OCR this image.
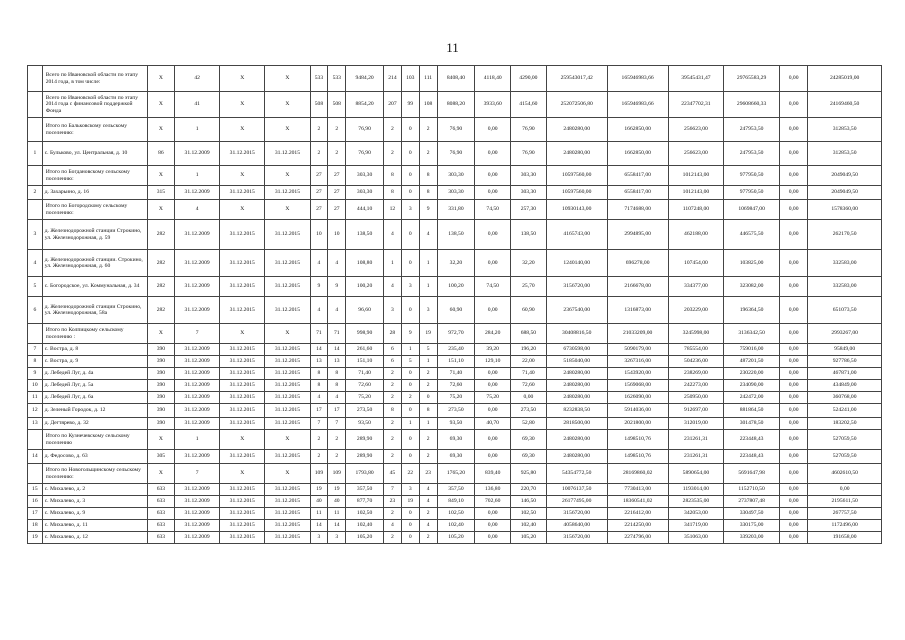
11
	Всего по Ивановской области по этапу 2014 года, в том числе:	X	42	X	X	533	533	9484,20	214	103	111	8408,40	4118,40	4290,00	259543017,42	165946983,66	39545431,47	29765583,29	0,00	24285019,00
	Всего по Ивановской области по этапу 2014 года с финансовой поддержкой Фонда	X	41	X	X	508	508	8854,20	207	99	108	8088,20	3933,60	4154,60	252072506,80	165946983,66	22347702,31	29608660,33	0,00	24169460,50
	Итого по Бальковскому сельскому поселению:	X	1	X	X	2	2	76,90	2	0	2	76,90	0,00	76,90	2480280,00	1662850,00	256623,00	247953,50	0,00	312853,50
1	с. Бульково, ул. Центральная, д. 10	86	31.12.2009	31.12.2015	31.12.2015	2	2	76,90	2	0	2	76,90	0,00	76,90	2480280,00	1662850,00	256623,00	247953,50	0,00	312853,50
	Итого по Богдановскому сельскому поселению:	X	1	X	X	27	27	303,30	8	0	8	303,30	0,00	303,30	10597560,00	6558417,00	1012143,00	977950,50	0,00	2049049,50
2	д. Захарьино, д. 16	315	31.12.2009	31.12.2015	31.12.2015	27	27	303,30	8	0	8	303,30	0,00	303,30	10597560,00	6558417,00	1012143,00	977950,50	0,00	2049049,50
	Итого по Богородскому сельскому поселению:	X	4	X	X	27	27	444,10	12	3	9	331,80	74,50	257,30	10930143,00	7174688,00	1107248,00	1069847,00	0,00	1578360,00
3	д. Железнодорожной станции Строкино, ул. Железнодорожная, д. 59	282	31.12.2009	31.12.2015	31.12.2015	10	10	138,50	4	0	4	138,50	0,00	138,50	4165743,00	2994895,00	462188,00	446575,50	0,00	262170,50
4	д. Железнодорожной станции. Строкино, ул. Железнодорожная, д. 60	282	31.12.2009	31.12.2015	31.12.2015	4	4	108,80	1	0	1	32,20	0,00	32,20	1240140,00	696278,00	107454,00	103825,00	0,00	332583,00
5	с. Богородское, ул. Коммунальная, д. 34	282	31.12.2009	31.12.2015	31.12.2015	9	9	100,20	4	3	1	100,20	74,50	25,70	3156720,00	2166678,00	334377,00	323082,00	0,00	332583,00
6	д. Железнодорожной станции Строкино, ул. Железнодорожная, 58а	282	31.12.2009	31.12.2015	31.12.2015	4	4	96,60	3	0	3	60,90	0,00	60,90	2367540,00	1316873,00	203229,00	196364,50	0,00	651073,50
	Итого по Колпицкому сельскому поселению :	X	7	X	X	71	71	998,90	28	9	19	972,70	284,20	688,50	30408816,50	21033209,00	3245998,00	3136342,50	0,00	2993267,00
7	с. Востра, д. 8	390	31.12.2009	31.12.2015	31.12.2015	14	14	261,60	6	1	5	235,40	39,20	196,20	6730598,00	5090179,00	785554,00	759016,00	0,00	95849,00
8	с. Востра, д. 9	390	31.12.2009	31.12.2015	31.12.2015	13	13	151,10	6	5	1	151,10	129,10	22,00	5185040,00	3267316,00	504236,00	487201,50	0,00	927786,50
9	д. Лебедей Луг, д. 4а	390	31.12.2009	31.12.2015	31.12.2015	8	8	71,40	2	0	2	71,40	0,00	71,40	2480280,00	1543920,00	238269,00	230220,00	0,00	467871,00
10	д. Лебедей Луг, д. 5а	390	31.12.2009	31.12.2015	31.12.2015	8	8	72,60	2	0	2	72,60	0,00	72,60	2480280,00	1569068,00	242273,00	234090,00	0,00	434849,00
11	д. Лебедей Луг, д. 6а	390	31.12.2009	31.12.2015	31.12.2015	4	4	75,20	2	2	0	75,20	75,20	0,00	2480280,00	1626090,00	250950,00	242472,00	0,00	360768,00
12	д. Зеленый Городок, д. 12	390	31.12.2009	31.12.2015	31.12.2015	17	17	273,50	8	0	8	273,50	0,00	273,50	8232838,50	5914036,00	912697,00	881864,50	0,00	524241,00
13	д. Дегтярево, д. 32	390	31.12.2009	31.12.2015	31.12.2015	7	7	93,50	2	1	1	93,50	40,70	52,80	2818500,00	2021800,00	312019,00	301478,50	0,00	183202,50
	Итого по Кузнечевскому сельскому поселению	X	1	X	X	2	2	289,90	2	0	2	69,30	0,00	69,30	2480280,00	1498510,76	231261,31	223448,43	0,00	527059,50
14	д. Федосово, д. 63	305	31.12.2009	31.12.2015	31.12.2015	2	2	289,90	2	0	2	69,30	0,00	69,30	2480280,00	1498510,76	231261,31	223448,43	0,00	527059,50
	Итого по Новогольщинскому сельскому поселению:	X	7	X	X	109	109	1793,80	45	22	23	1765,20	839,40	925,80	54354772,50	28169860,02	5890654,00	5691647,98	0,00	4602610,50
15	с. Михалево, д. 2	633	31.12.2009	31.12.2015	31.12.2015	19	19	357,50	7	3	4	357,50	136,80	220,70	10076137,50	7730413,00	1193014,00	1152710,50	0,00	0,00
16	с. Михалево, д. 3	633	31.12.2009	31.12.2015	31.12.2015	40	40	877,70	23	19	4	849,10	702,60	146,50	26177495,00	18360541,02	2823535,00	2737807,48	0,00	2195611,50
17	с. Михалево, д. 9	633	31.12.2009	31.12.2015	31.12.2015	11	11	102,50	2	0	2	102,50	0,00	102,50	3156720,00	2216412,00	342053,00	330497,50	0,00	267757,50
18	с. Михалево, д. 11	633	31.12.2009	31.12.2015	31.12.2015	14	14	102,40	4	0	4	102,40	0,00	102,40	4058640,00	2214250,00	341719,00	330175,00	0,00	1172496,00
19	с. Михалево, д. 12	633	31.12.2009	31.12.2015	31.12.2015	3	3	105,20	2	0	2	105,20	0,00	105,20	3156720,00	2274796,00	351063,00	339203,00	0,00	191658,00
